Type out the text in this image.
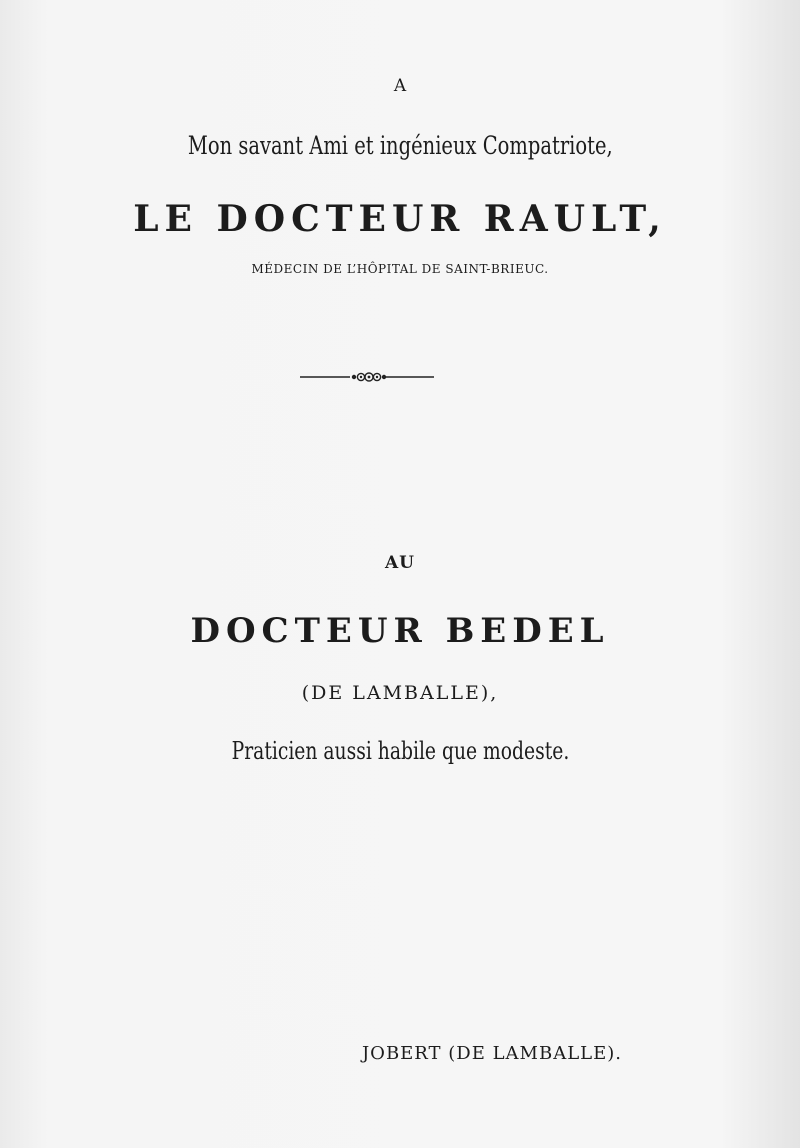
A
Mon savant Ami et ingénieux Compatriote,
LE DOCTEUR RAULT,
MÉDECIN DE L’HÔPITAL DE SAINT-BRIEUC.
AU
DOCTEUR BEDEL
(DE LAMBALLE),
Praticien aussi habile que modeste.
JOBERT (DE LAMBALLE).
